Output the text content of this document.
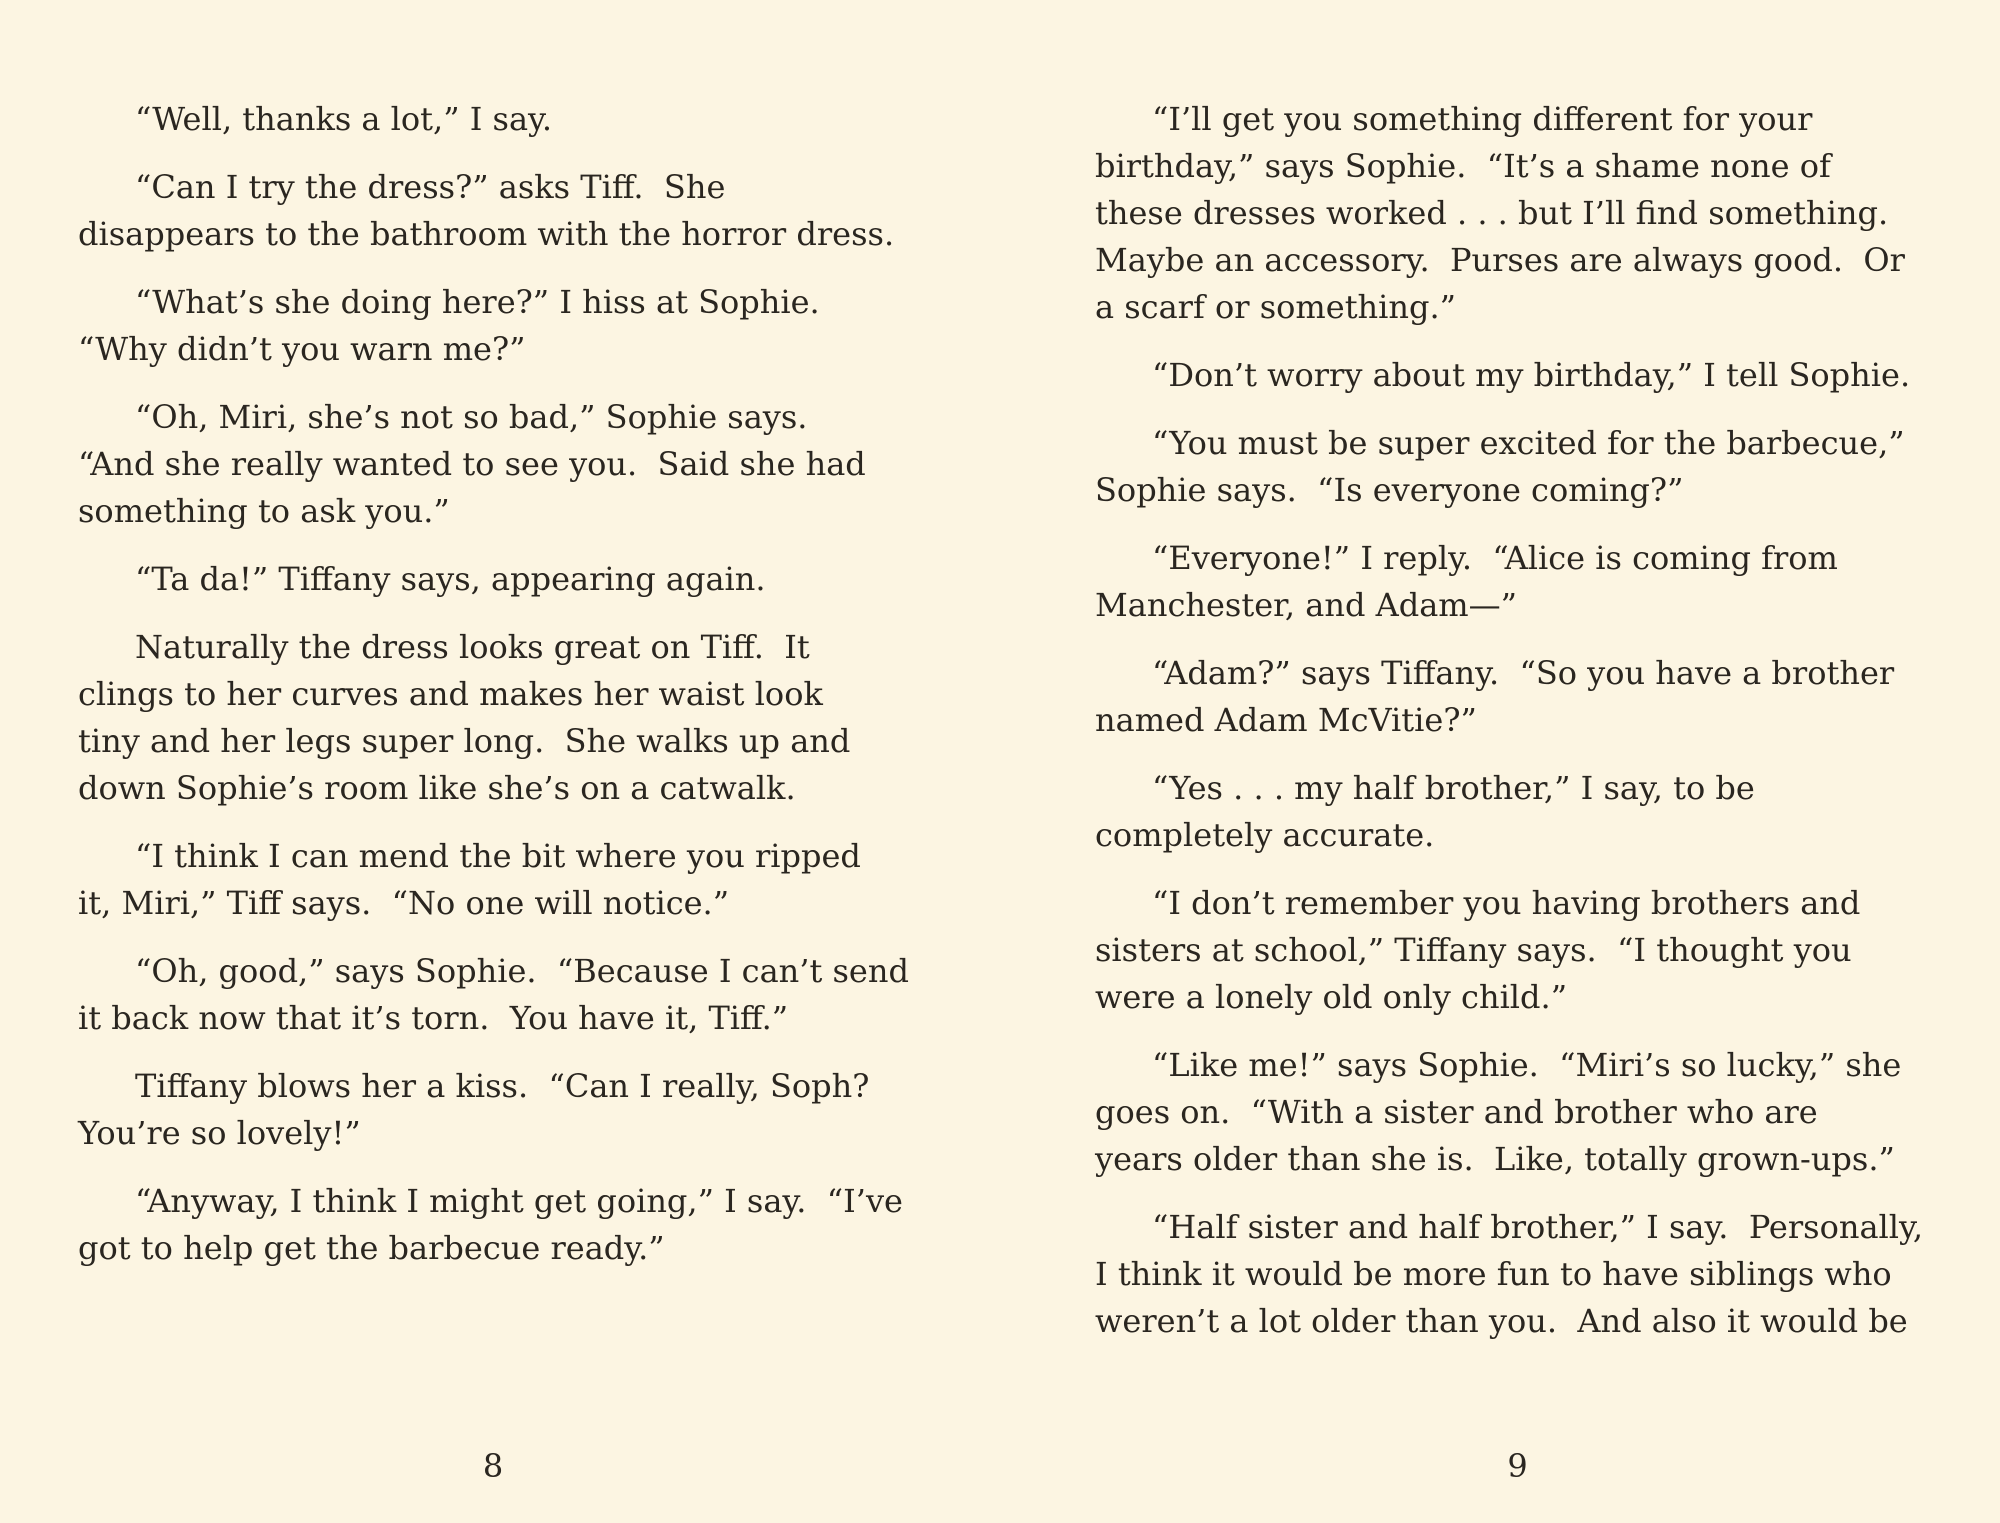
“Well, thanks a lot,” I say.
“Can I try the dress?” asks Tiff.  She
disappears to the bathroom with the horror dress.
“What’s she doing here?” I hiss at Sophie.
“Why didn’t you warn me?”
“Oh, Miri, she’s not so bad,” Sophie says.
“And she really wanted to see you.  Said she had
something to ask you.”
“Ta da!” Tiffany says, appearing again.
Naturally the dress looks great on Tiff.  It
clings to her curves and makes her waist look
tiny and her legs super long.  She walks up and
down Sophie’s room like she’s on a catwalk.
“I think I can mend the bit where you ripped
it, Miri,” Tiff says.  “No one will notice.”
“Oh, good,” says Sophie.  “Because I can’t send
it back now that it’s torn.  You have it, Tiff.”
Tiffany blows her a kiss.  “Can I really, Soph?
You’re so lovely!”
“Anyway, I think I might get going,” I say.  “I’ve
got to help get the barbecue ready.”
8
“I’ll get you something different for your
birthday,” says Sophie.  “It’s a shame none of
these dresses worked . . . but I’ll find something.
Maybe an accessory.  Purses are always good.  Or
a scarf or something.”
“Don’t worry about my birthday,” I tell Sophie.
“You must be super excited for the barbecue,”
Sophie says.  “Is everyone coming?”
“Everyone!” I reply.  “Alice is coming from
Manchester, and Adam—”
“Adam?” says Tiffany.  “So you have a brother
named Adam McVitie?”
“Yes . . . my half brother,” I say, to be
completely accurate.
“I don’t remember you having brothers and
sisters at school,” Tiffany says.  “I thought you
were a lonely old only child.”
“Like me!” says Sophie.  “Miri’s so lucky,” she
goes on.  “With a sister and brother who are
years older than she is.  Like, totally grown-ups.”
“Half sister and half brother,” I say.  Personally,
I think it would be more fun to have siblings who
weren’t a lot older than you.  And also it would be
9
